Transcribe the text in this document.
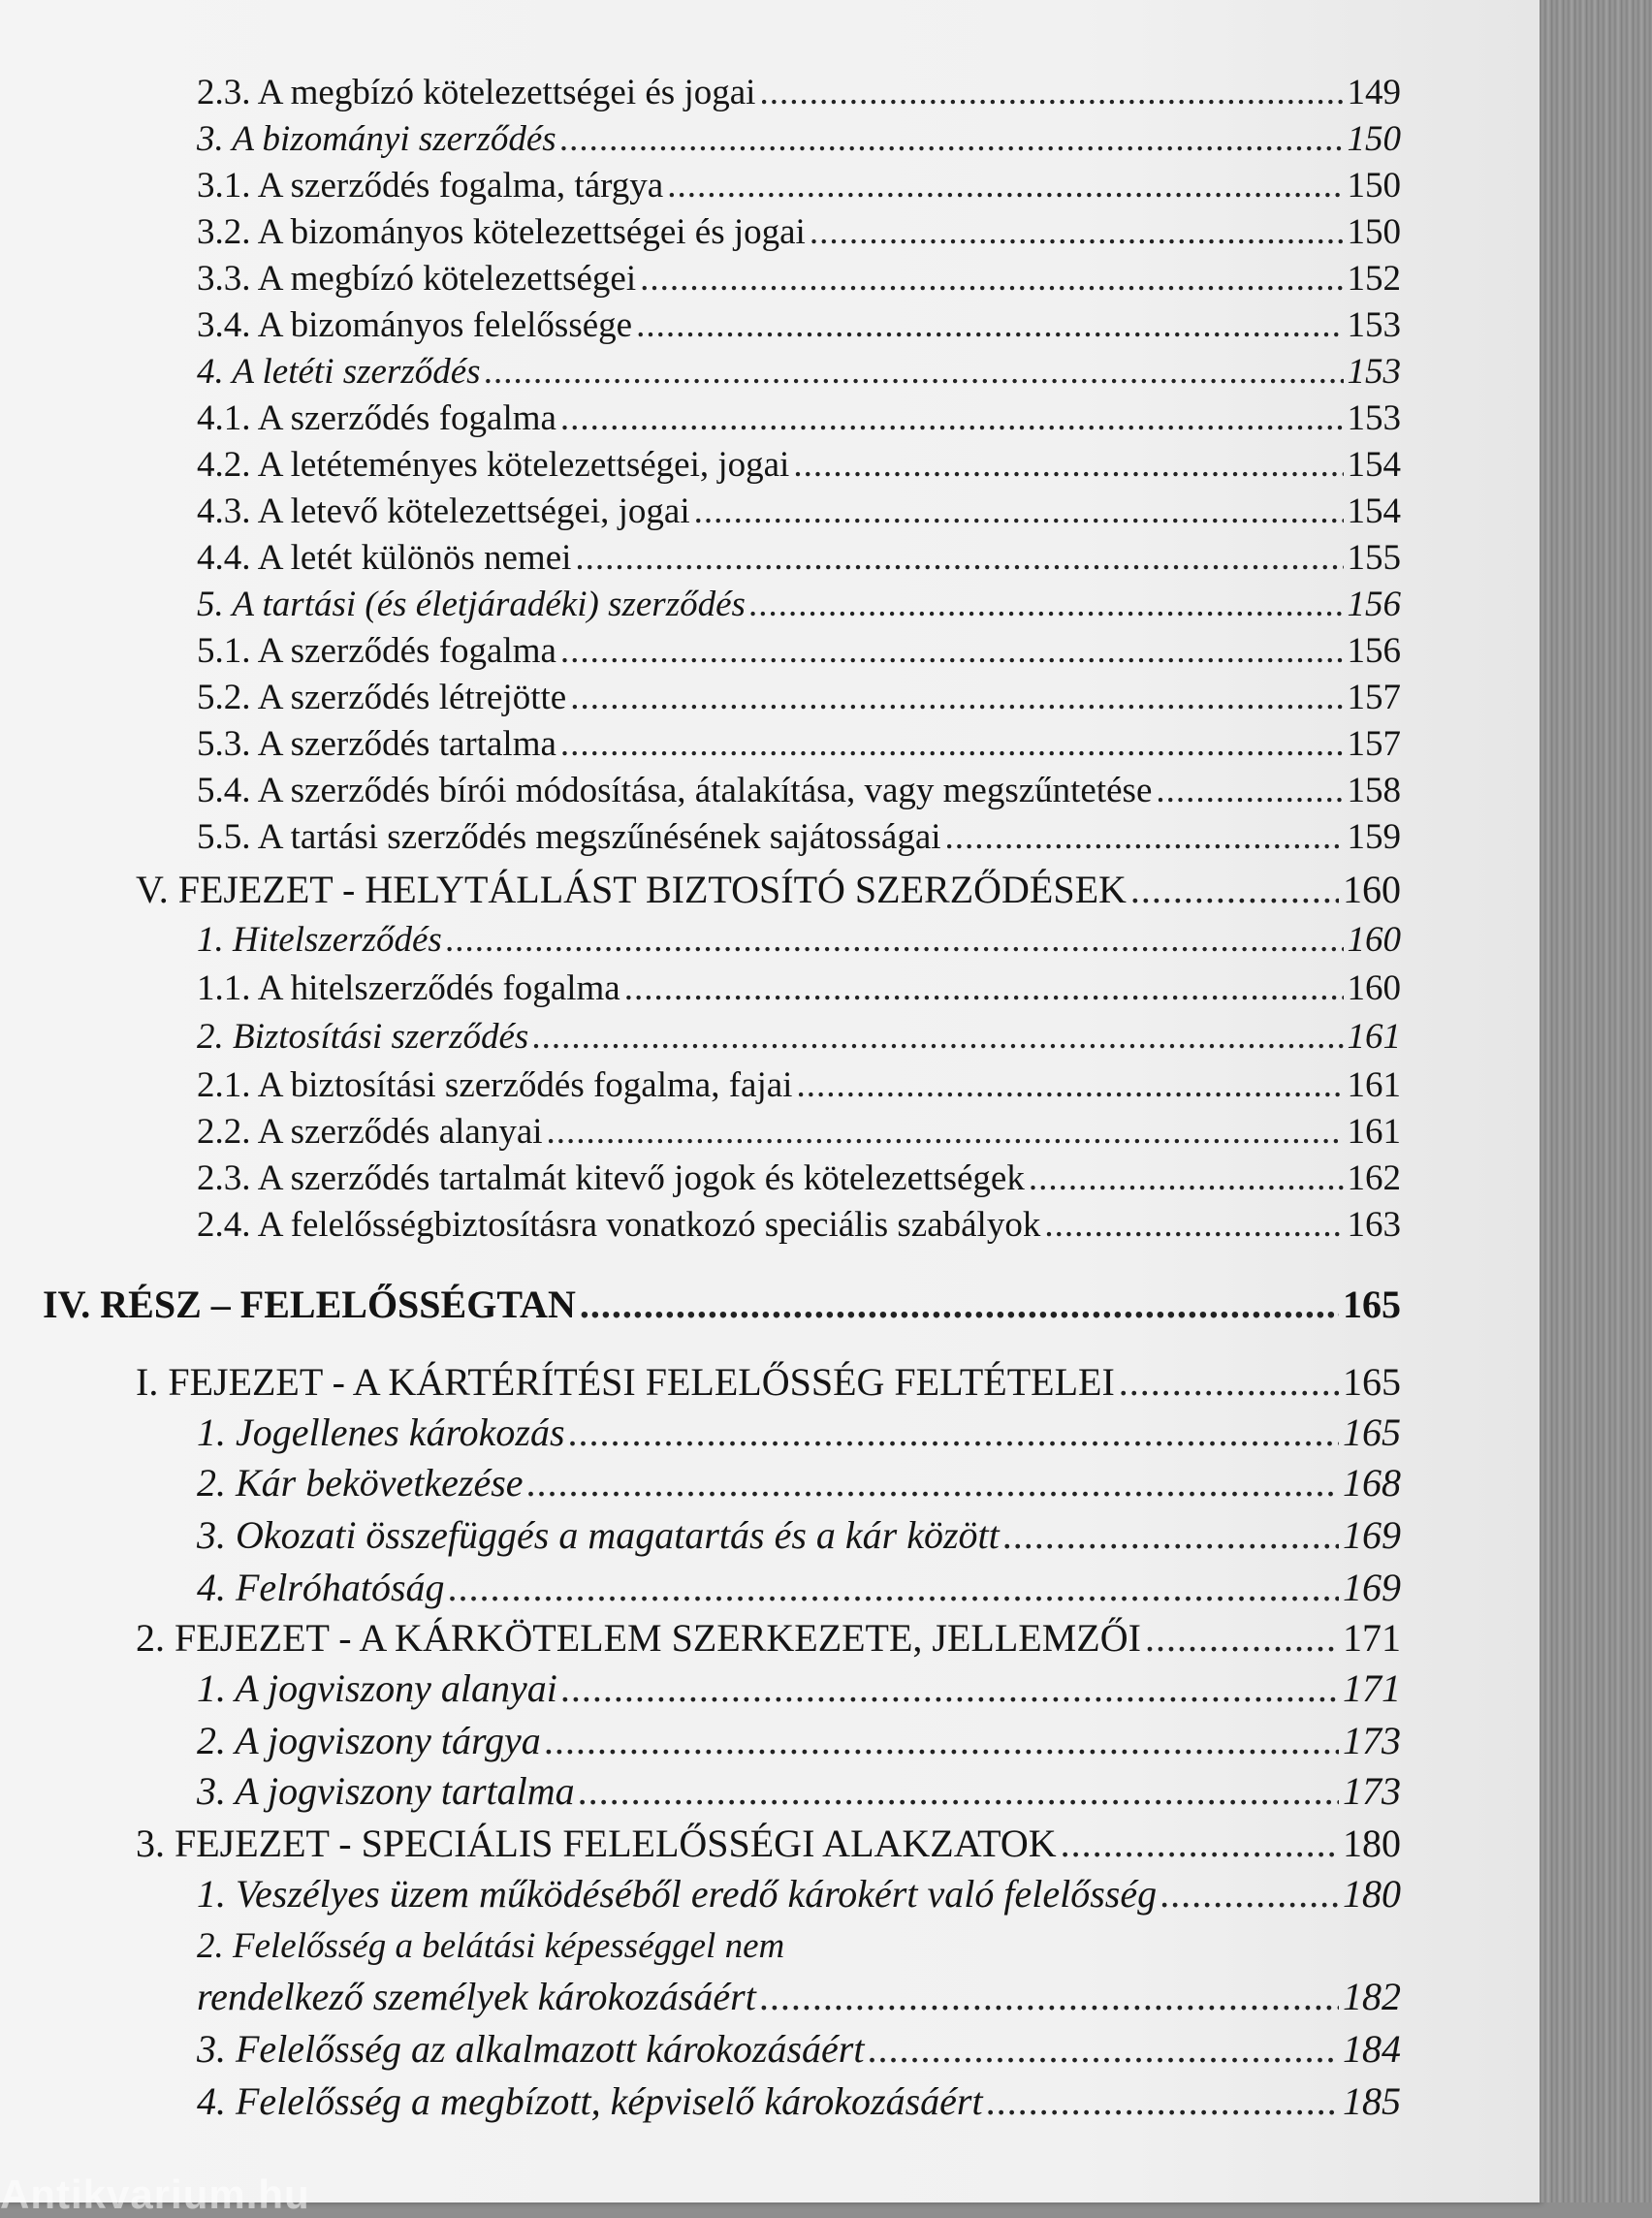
2.3. A megbízó kötelezettségei és jogai .....	149
3. A bizományi szerződés .....	150
3.1. A szerződés fogalma, tárgya .....	150
3.2. A bizományos kötelezettségei és jogai .....	150
3.3. A megbízó kötelezettségei .....	152
3.4. A bizományos felelőssége .....	153
4. A letéti szerződés .....	153
4.1. A szerződés fogalma .....	153
4.2. A letéteményes kötelezettségei, jogai .....	154
4.3. A letevő kötelezettségei, jogai .....	154
4.4. A letét különös nemei .....	155
5. A tartási (és életjáradéki) szerződés .....	156
5.1. A szerződés fogalma .....	156
5.2. A szerződés létrejötte .....	157
5.3. A szerződés tartalma .....	157
5.4. A szerződés bírói módosítása, átalakítása, vagy megszűntetése .....	158
5.5. A tartási szerződés megszűnésének sajátosságai .....	159
V. FEJEZET - HELYTÁLLÁST BIZTOSÍTÓ SZERZŐDÉSEK .....	160
1. Hitelszerződés .....	160
1.1. A hitelszerződés fogalma .....	160
2. Biztosítási szerződés .....	161
2.1. A biztosítási szerződés fogalma, fajai .....	161
2.2. A szerződés alanyai .....	161
2.3. A szerződés tartalmát kitevő jogok és kötelezettségek .....	162
2.4. A felelősségbiztosításra vonatkozó speciális szabályok .....	163
IV. RÉSZ – FELELŐSSÉGTAN .....	165
I. FEJEZET - A KÁRTÉRÍTÉSI FELELŐSSÉG FELTÉTELEI .....	165
1. Jogellenes károkozás .....	165
2. Kár bekövetkezése .....	168
3. Okozati összefüggés a magatartás és a kár között .....	169
4. Felróhatóság .....	169
2. FEJEZET - A KÁRKÖTELEM SZERKEZETE, JELLEMZŐI .....	171
1. A jogviszony alanyai .....	171
2. A jogviszony tárgya .....	173
3. A jogviszony tartalma .....	173
3. FEJEZET - SPECIÁLIS FELELŐSSÉGI ALAKZATOK .....	180
1. Veszélyes üzem működéséből eredő károkért való felelősség .....	180
2. Felelősség a belátási képességgel nem
rendelkező személyek károkozásáért .....	182
3. Felelősség az alkalmazott károkozásáért .....	184
4. Felelősség a megbízott, képviselő károkozásáért .....	185
Antikvarium.hu
